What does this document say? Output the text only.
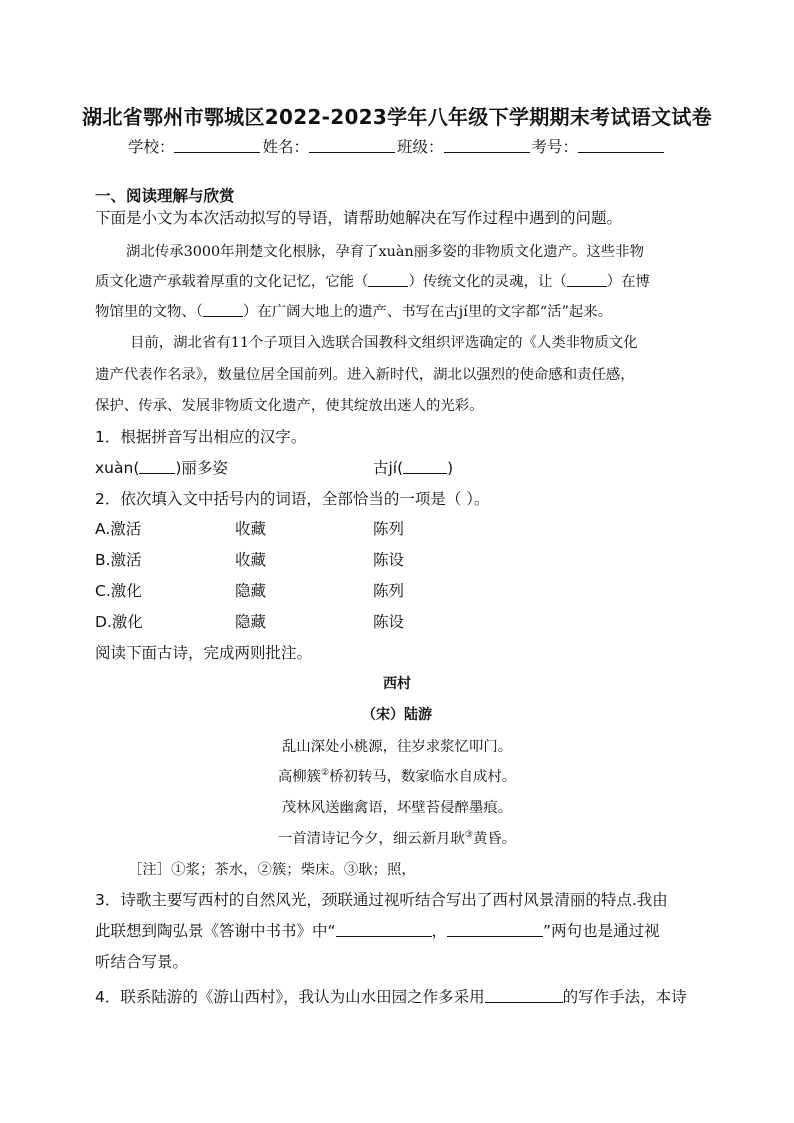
湖北省鄂州市鄂城区2022-2023学年八年级下学期期末考试语文试卷
学校：	姓名：	班级：	考号：
一、阅读理解与欣赏
下面是小文为本次活动拟写的导语，请帮助她解决在写作过程中遇到的问题。
湖北传承3000年荆楚文化根脉，孕育了xuàn丽多姿的非物质文化遗产。这些非物
质文化遗产承载着厚重的文化记忆，它能（	）传统文化的灵魂，让（	）在博
物馆里的文物、（	）在广阔大地上的遗产、书写在古jí里的文字都“活”起来。
目前，湖北省有11个子项目入选联合国教科文组织评选确定的《人类非物质文化
遗产代表作名录》，数量位居全国前列。进入新时代，湖北以强烈的使命感和责任感，
保护、传承、发展非物质文化遗产，使其绽放出迷人的光彩。
1．根据拼音写出相应的汉字。
xuàn( )丽多姿	古jí(	)
2．依次填入文中括号内的词语，全部恰当的一项是（ ）。
A.激活	收藏	陈列
B.激活	收藏	陈设
C.激化	隐藏	陈列
D.激化	隐藏	陈设
阅读下面古诗，完成两则批注。
西村
（宋）陆游
乱山深处小桃源，往岁求浆忆叩门。
高柳簇②桥初转马，数家临水自成村。
茂林风送幽禽语，坏壁苔侵醉墨痕。
一首清诗记今夕，细云新月耿③黄昏。
［注］①浆；茶水，②簇；柴床。③耿；照，
3．诗歌主要写西村的自然风光，颈联通过视听结合写出了西村风景清丽的特点.我由
此联想到陶弘景《答谢中书书》中“	，	”两句也是通过视
听结合写景。
4．联系陆游的《游山西村》，我认为山水田园之作多采用	的写作手法，本诗
